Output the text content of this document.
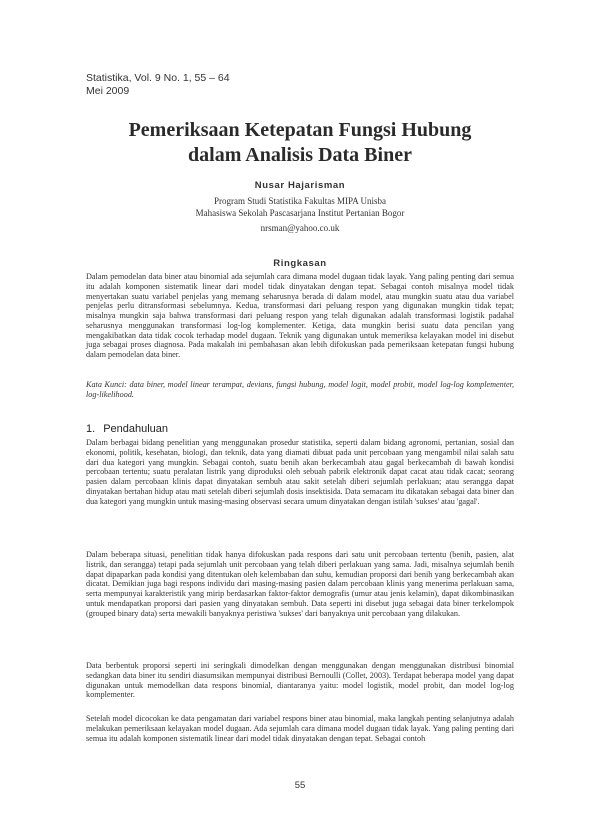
Statistika, Vol. 9 No. 1, 55 – 64
Mei 2009
Pemeriksaan Ketepatan Fungsi Hubung
dalam Analisis Data Biner
Nusar Hajarisman
Program Studi Statistika Fakultas MIPA Unisba
Mahasiswa Sekolah Pascasarjana Institut Pertanian Bogor
nrsman@yahoo.co.uk
Ringkasan
Dalam pemodelan data biner atau binomial ada sejumlah cara dimana model dugaan tidak layak. Yang paling penting dari semua itu adalah komponen sistematik linear dari model tidak dinyatakan dengan tepat. Sebagai contoh misalnya model tidak menyertakan suatu variabel penjelas yang memang seharusnya berada di dalam model, atau mungkin suatu atau dua variabel penjelas perlu ditransformasi sebelumnya. Kedua, transformasi dari peluang respon yang digunakan mungkin tidak tepat; misalnya mungkin saja bahwa transformasi dari peluang respon yang telah digunakan adalah transformasi logistik padahal seharusnya menggunakan transformasi log-log komplementer. Ketiga, data mungkin berisi suatu data pencilan yang mengakibatkan data tidak cocok terhadap model dugaan. Teknik yang digunakan untuk memeriksa kelayakan model ini disebut juga sebagai proses diagnosa. Pada makalah ini pembahasan akan lebih difokuskan pada pemeriksaan ketepatan fungsi hubung dalam pemodelan data biner.
Kata Kunci: data biner, model linear terampat, devians, fungsi hubung, model logit, model probit, model log-log komplementer, log-likelihood.
1. Pendahuluan
Dalam berbagai bidang penelitian yang menggunakan prosedur statistika, seperti dalam bidang agronomi, pertanian, sosial dan ekonomi, politik, kesehatan, biologi, dan teknik, data yang diamati dibuat pada unit percobaan yang mengambil nilai salah satu dari dua kategori yang mungkin. Sebagai contoh, suatu benih akan berkecambah atau gagal berkecambah di bawah kondisi percobaan tertentu; suatu peralatan listrik yang diproduksi oleh sebuah pabrik elektronik dapat cacat atau tidak cacat; seorang pasien dalam percobaan klinis dapat dinyatakan sembuh atau sakit setelah diberi sejumlah perlakuan; atau serangga dapat dinyatakan bertahan hidup atau mati setelah diberi sejumlah dosis insektisida. Data semacam itu dikatakan sebagai data biner dan dua kategori yang mungkin untuk masing-masing observasi secara umum dinyatakan dengan istilah 'sukses' atau 'gagal'.
Dalam beberapa situasi, penelitian tidak hanya difokuskan pada respons dari satu unit percobaan tertentu (benih, pasien, alat listrik, dan serangga) tetapi pada sejumlah unit percobaan yang telah diberi perlakuan yang sama. Jadi, misalnya sejumlah benih dapat dipaparkan pada kondisi yang ditentukan oleh kelembaban dan suhu, kemudian proporsi dari benih yang berkecambah akan dicatat. Demikian juga bagi respons individu dari masing-masing pasien dalam percobaan klinis yang menerima perlakuan sama, serta mempunyai karakteristik yang mirip berdasarkan faktor-faktor demografis (umur atau jenis kelamin), dapat dikombinasikan untuk mendapatkan proporsi dari pasien yang dinyatakan sembuh. Data seperti ini disebut juga sebagai data biner terkelompok (grouped binary data) serta mewakili banyaknya peristiwa 'sukses' dari banyaknya unit percobaan yang dilakukan.
Data berbentuk proporsi seperti ini seringkali dimodelkan dengan menggunakan dengan menggunakan distribusi binomial sedangkan data biner itu sendiri diasumsikan mempunyai distribusi Bernoulli (Collet, 2003). Terdapat beberapa model yang dapat digunakan untuk memodelkan data respons binomial, diantaranya yaitu: model logistik, model probit, dan model log-log komplementer.
Setelah model dicocokan ke data pengamatan dari variabel respons biner atau binomial, maka langkah penting selanjutnya adalah melakukan pemeriksaan kelayakan model dugaan. Ada sejumlah cara dimana model dugaan tidak layak. Yang paling penting dari semua itu adalah komponen sistematik linear dari model tidak dinyatakan dengan tepat. Sebagai contoh
55
